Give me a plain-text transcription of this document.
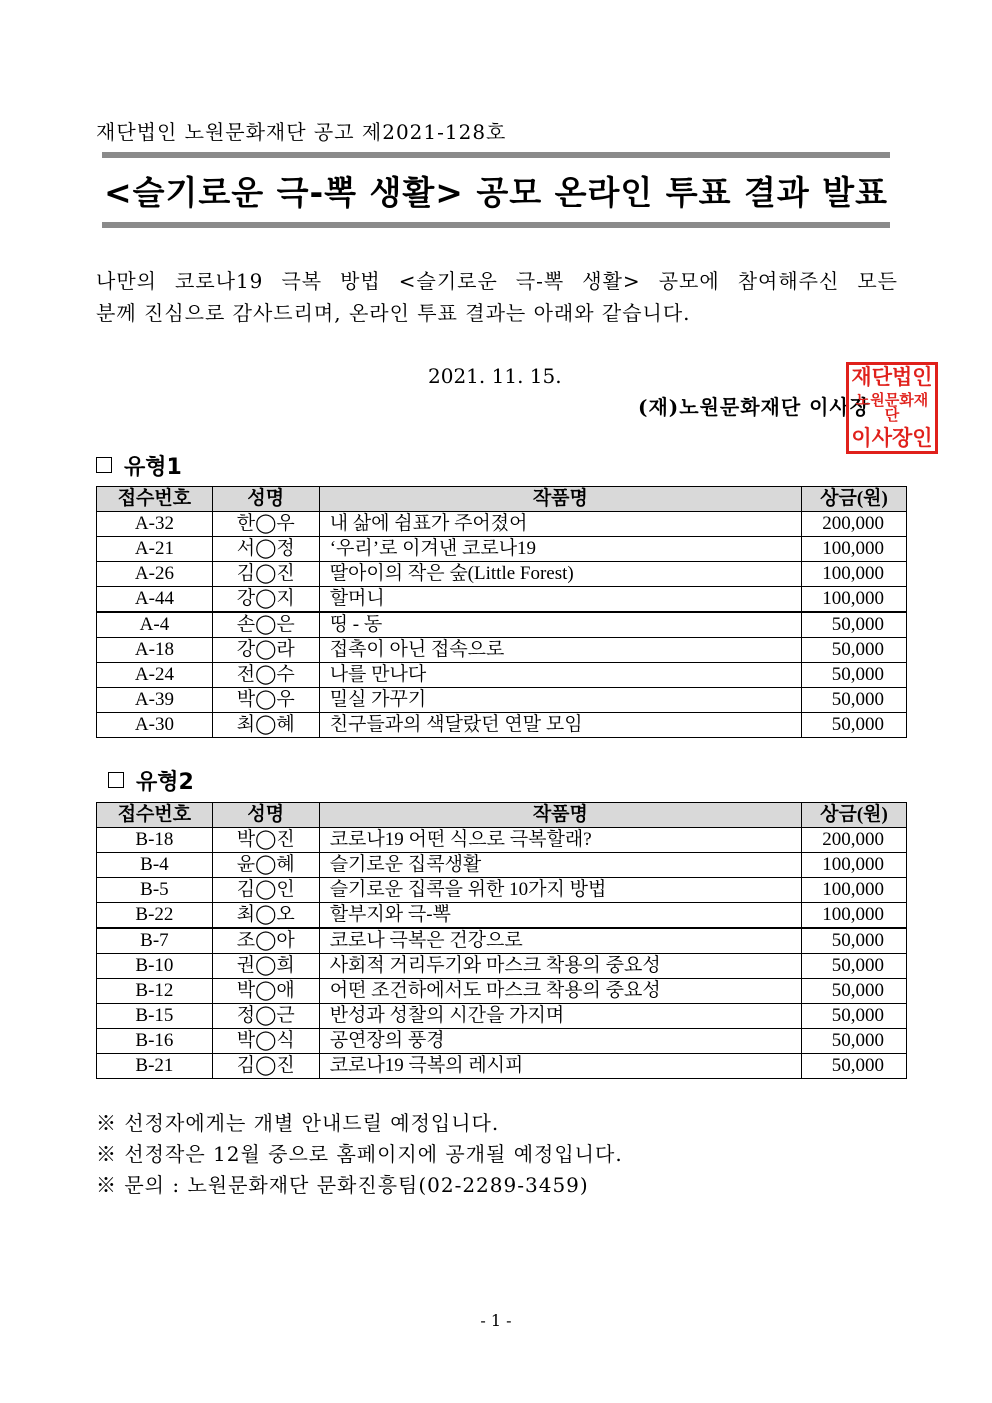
재단법인 노원문화재단 공고 제2021-128호
<슬기로운 극-뽁 생활> 공모 온라인 투표 결과 발표
나만의 코로나19 극복 방법 <슬기로운 극-뽁 생활> 공모에 참여해주신 모든
분께 진심으로 감사드리며, 온라인 투표 결과는 아래와 같습니다.
2021. 11. 15.
(재)노원문화재단 이사장
재단법인
노원문화재단
이사장인
유형1
접수번호	성명	작품명	상금(원)
A-32	한◯우	내 삶에 쉼표가 주어졌어	200,000
A-21	서◯정	‘우리’로 이겨낸 코로나19	100,000
A-26	김◯진	딸아이의 작은 숲(Little Forest)	100,000
A-44	강◯지	할머니	100,000
A-4	손◯은	띵 - 동	50,000
A-18	강◯라	접촉이 아닌 접속으로	50,000
A-24	전◯수	나를 만나다	50,000
A-39	박◯우	밀실 가꾸기	50,000
A-30	최◯혜	친구들과의 색달랐던 연말 모임	50,000
유형2
접수번호	성명	작품명	상금(원)
B-18	박◯진	코로나19 어떤 식으로 극복할래?	200,000
B-4	윤◯혜	슬기로운 집콕생활	100,000
B-5	김◯인	슬기로운 집콕을 위한 10가지 방법	100,000
B-22	최◯오	할부지와 극-뽁	100,000
B-7	조◯아	코로나 극복은 건강으로	50,000
B-10	권◯희	사회적 거리두기와 마스크 착용의 중요성	50,000
B-12	박◯애	어떤 조건하에서도 마스크 착용의 중요성	50,000
B-15	정◯근	반성과 성찰의 시간을 가지며	50,000
B-16	박◯식	공연장의 풍경	50,000
B-21	김◯진	코로나19 극복의 레시피	50,000
※ 선정자에게는 개별 안내드릴 예정입니다.
※ 선정작은 12월 중으로 홈페이지에 공개될 예정입니다.
※ 문의 : 노원문화재단 문화진흥팀(02-2289-3459)
- 1 -
